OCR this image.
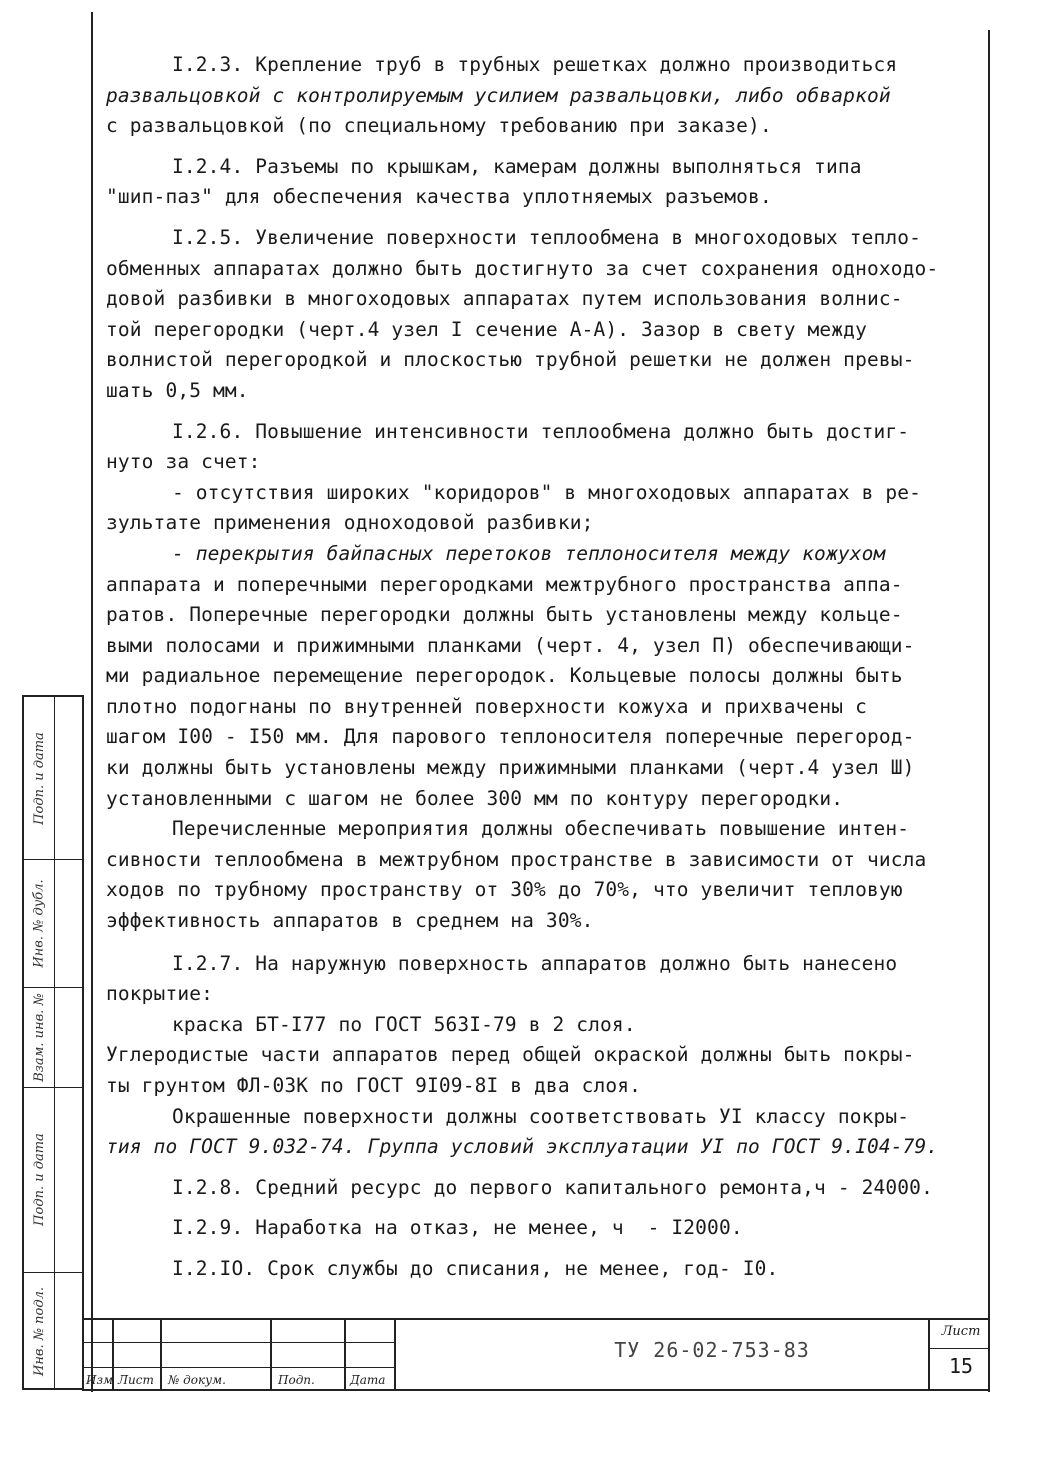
I.2.3. Крепление труб в трубных решетках должно производиться

развальцовкой с контролируемым усилием развальцовки, либо обваркой

с развальцовкой (по специальному требованию при заказе).

I.2.4. Разъемы по крышкам, камерам должны выполняться типа

"шип-паз" для обеспечения качества уплотняемых разъемов.

I.2.5. Увеличение поверхности теплообмена в многоходовых тепло-

обменных аппаратах должно быть достигнуто за счет сохранения одноходо-

довой разбивки в многоходовых аппаратах путем использования волнис-

той перегородки (черт.4 узел I сечение А-А). Зазор в свету между

волнистой перегородкой и плоскостью трубной решетки не должен превы-

шать 0,5 мм.

I.2.6. Повышение интенсивности теплообмена должно быть достиг-

нуто за счет:

- отсутствия широких "коридоров" в многоходовых аппаратах в ре-

зультате применения одноходовой разбивки;

- перекрытия байпасных перетоков теплоносителя между кожухом

аппарата и поперечными перегородками межтрубного пространства аппа-

ратов. Поперечные перегородки должны быть установлены между кольце-

выми полосами и прижимными планками (черт. 4, узел П) обеспечивающи-

ми радиальное перемещение перегородок. Кольцевые полосы должны быть

плотно подогнаны по внутренней поверхности кожуха и прихвачены с

шагом I00 - I50 мм. Для парового теплоносителя поперечные перегород-

ки должны быть установлены между прижимными планками (черт.4 узел Ш)

установленными с шагом не более 300 мм по контуру перегородки.

Перечисленные мероприятия должны обеспечивать повышение интен-

сивности теплообмена в межтрубном пространстве в зависимости от числа

ходов по трубному пространству от 30% до 70%, что увеличит тепловую

эффективность аппаратов в среднем на 30%.

I.2.7. На наружную поверхность аппаратов должно быть нанесено

покрытие:

краска БТ-I77 по ГОСТ 563I-79 в 2 слоя.

Углеродистые части аппаратов перед общей окраской должны быть покры-

ты грунтом ФЛ-03К по ГОСТ 9I09-8I в два слоя.

Окрашенные поверхности должны соответствовать УI классу покры-

тия по ГОСТ 9.032-74. Группа условий эксплуатации УI по ГОСТ 9.I04-79.

I.2.8. Средний ресурс до первого капитального ремонта,ч - 24000.

I.2.9. Наработка на отказ, не менее, ч  - I2000.

I.2.IO. Срок службы до списания, не менее, год- I0.

Подп. и дата
Инв. № дубл.
Взам. инв. №
Подп. и дата
Инв. № подл.
Изм Лист № докум.	Подп.	Дата
ТУ 26-02-753-83
Лист
15
